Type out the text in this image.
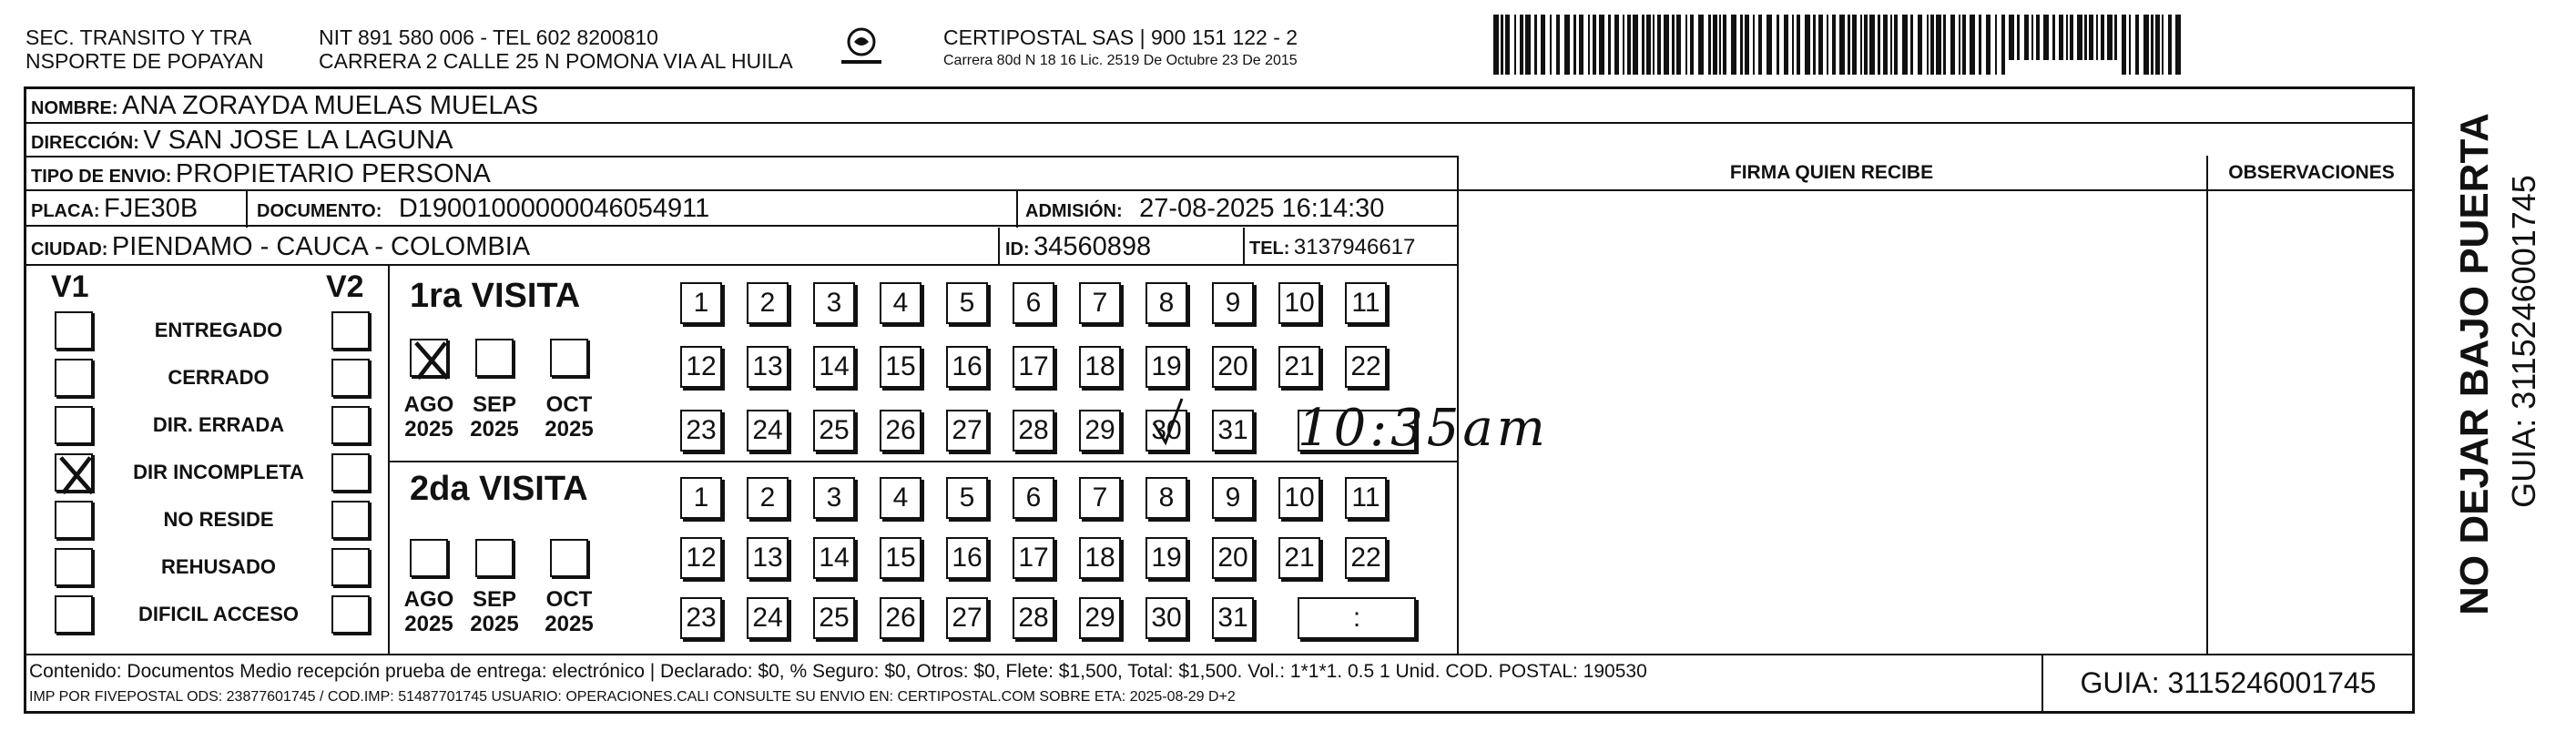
SEC. TRANSITO Y TRA
NSPORTE DE POPAYAN
NIT 891 580 006 - TEL 602 8200810
CARRERA 2 CALLE 25 N POMONA VIA AL HUILA
CERTIPOSTAL SAS | 900 151 122 - 2
Carrera 80d N 18 16 Lic. 2519 De Octubre 23 De 2015
NOMBRE: ANA ZORAYDA MUELAS MUELAS
DIRECCIÓN: V SAN JOSE LA LAGUNA
TIPO DE ENVIO: PROPIETARIO PERSONA
PLACA: FJE30B	DOCUMENTO: D19001000000046054911	ADMISIÓN: 27-08-2025 16:14:30
CIUDAD: PIENDAMO - CAUCA - COLOMBIA	ID: 34560898	TEL: 3137946617
FIRMA QUIEN RECIBE	OBSERVACIONES
V1	V2
ENTREGADO
CERRADO
DIR. ERRADA
DIR INCOMPLETA
NO RESIDE
REHUSADO
DIFICIL ACCESO
1ra VISITA
AGO
2025
SEP
2025
OCT
2025
1	2	3	4	5	6	7	8	9	10 11
12 13 14 15 16 17 18 19 20 21 22
23 24 25 26 27 28 29 30 31 10:35am
2da VISITA
AGO
2025
SEP
2025
OCT
2025
1	2	3	4	5	6	7	8	9	10 11
12 13 14 15 16 17 18 19 20 21 22
23 24 25 26 27 28 29 30 31	:
Contenido: Documentos Medio recepción prueba de entrega: electrónico | Declarado: $0, % Seguro: $0, Otros: $0, Flete: $1,500, Total: $1,500. Vol.: 1*1*1. 0.5 1 Unid. COD. POSTAL: 190530
IMP POR FIVEPOSTAL ODS: 23877601745 / COD.IMP: 51487701745 USUARIO: OPERACIONES.CALI CONSULTE SU ENVIO EN: CERTIPOSTAL.COM SOBRE ETA: 2025-08-29 D+2	GUIA: 3115246001745
NO DEJAR BAJO PUERTA GUIA: 3115246001745
